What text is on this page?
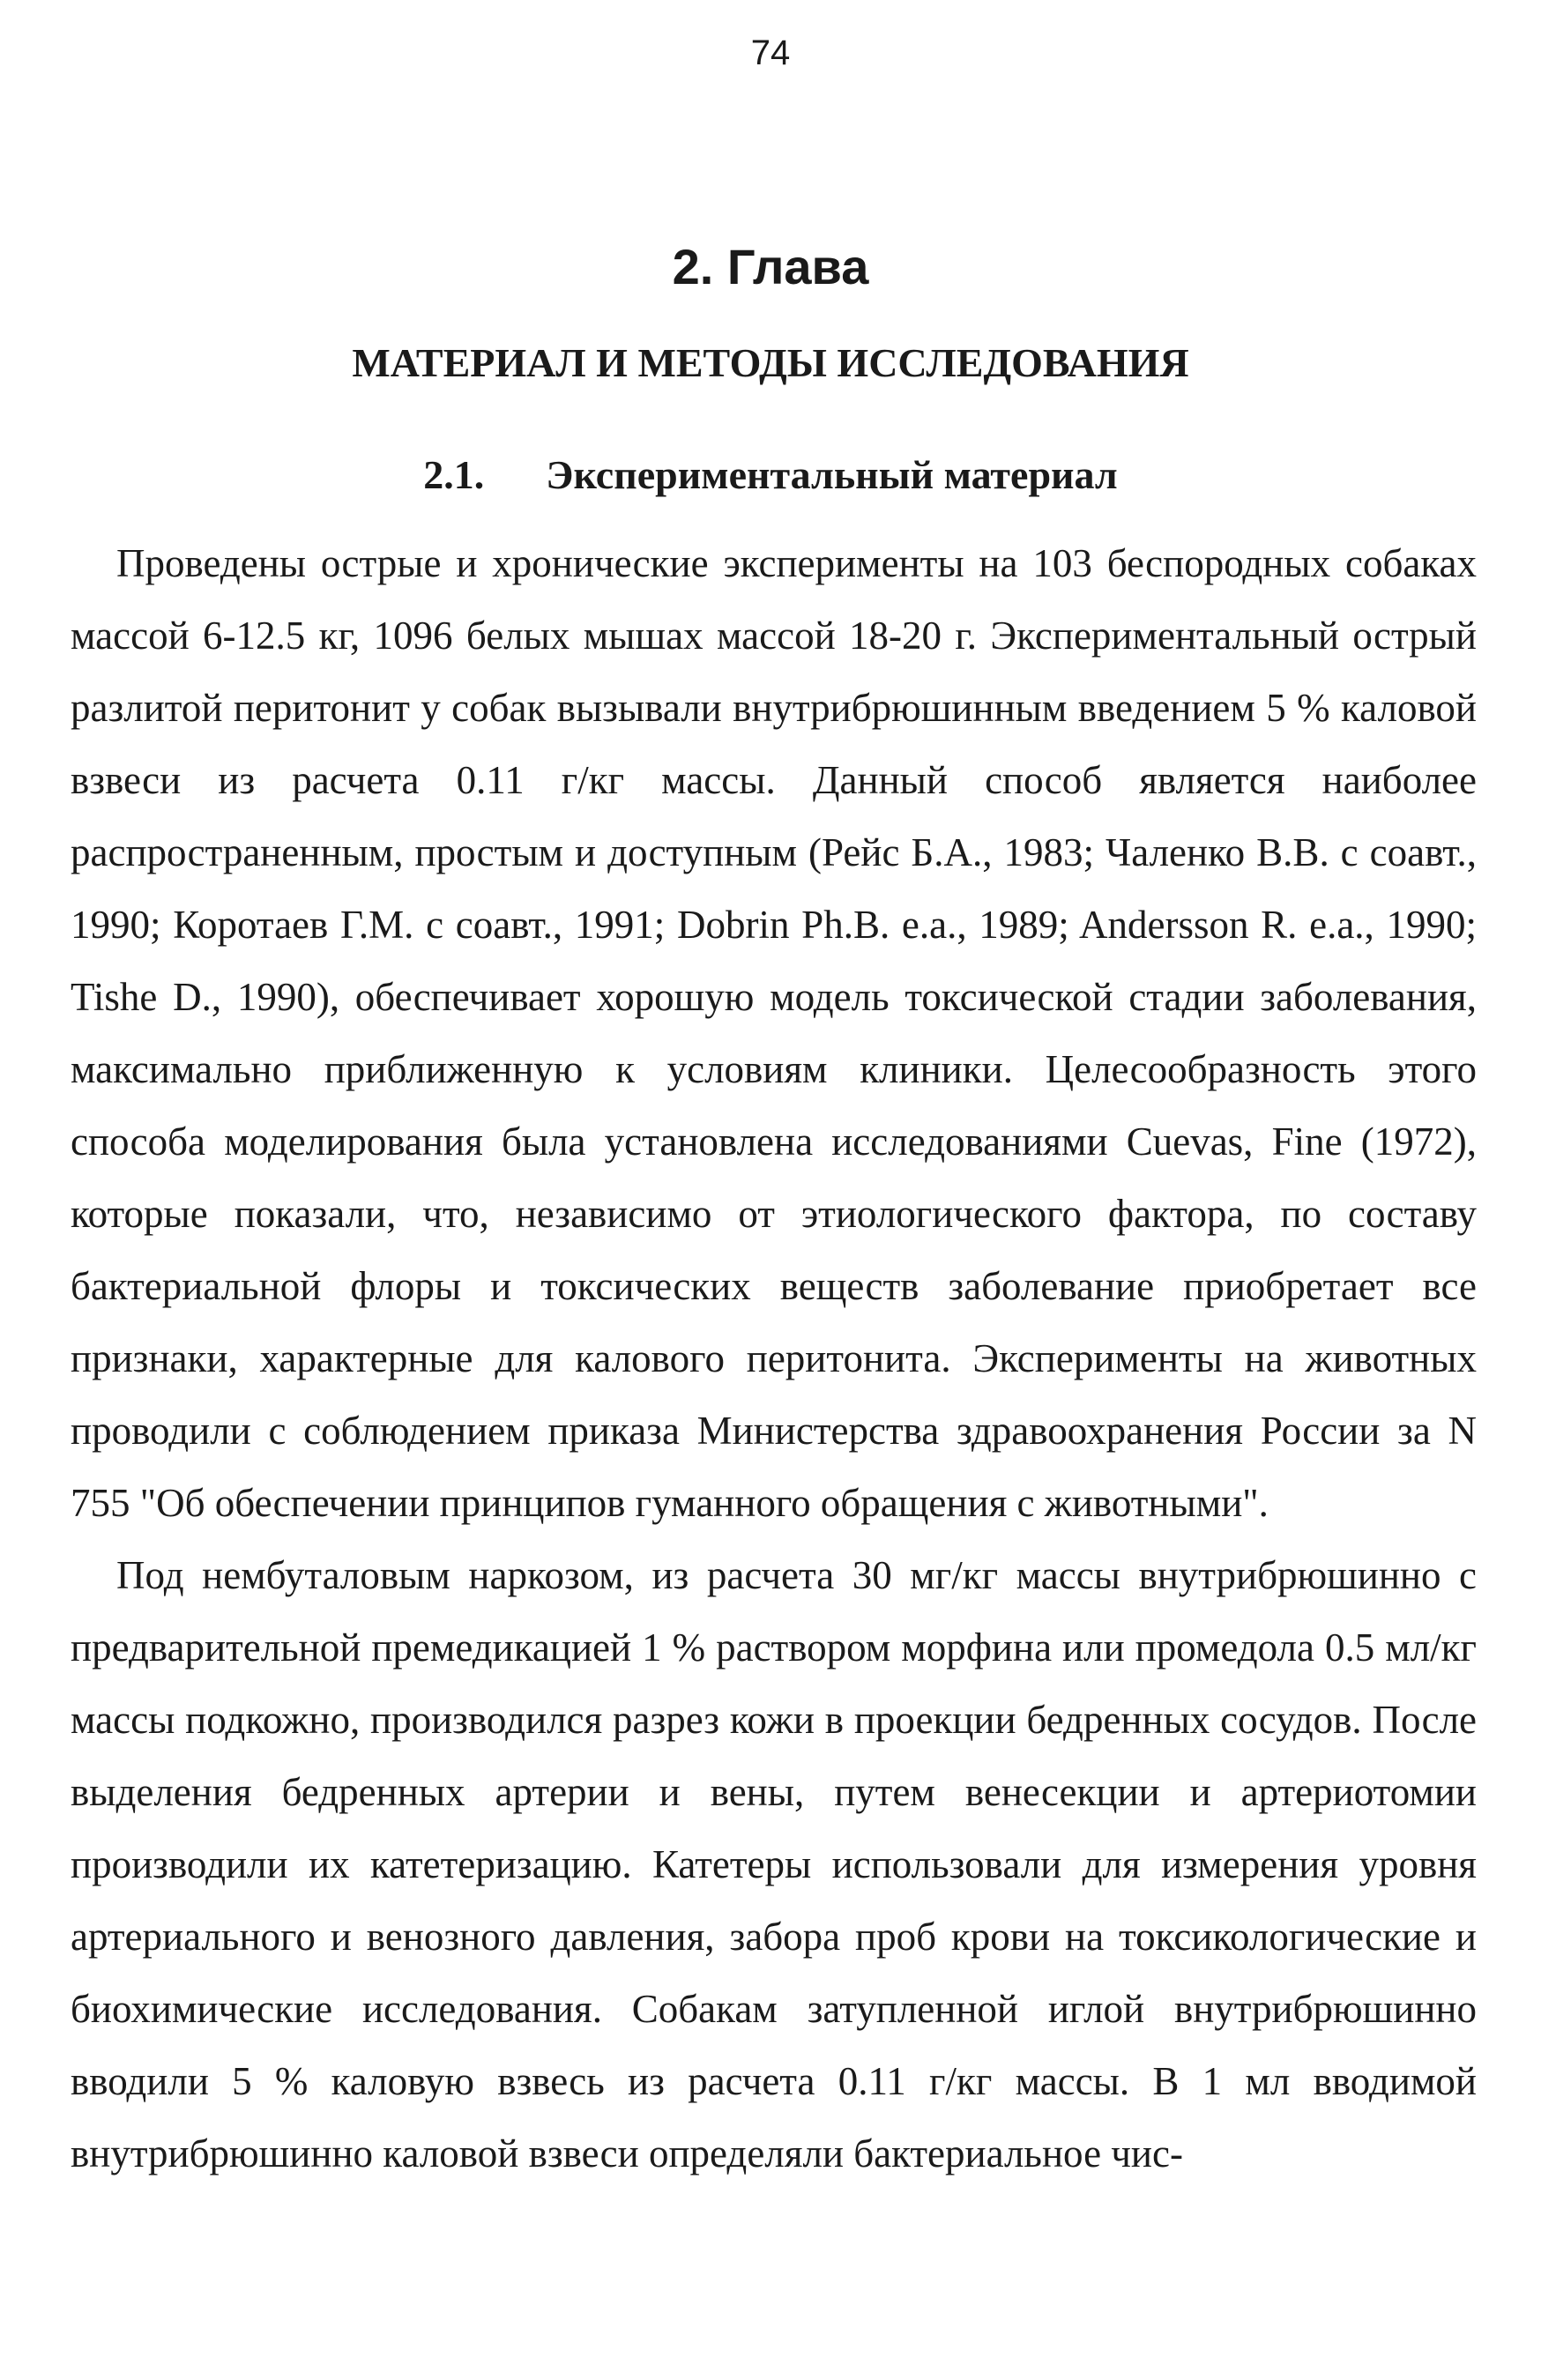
74
2. Глава
МАТЕРИАЛ И МЕТОДЫ ИССЛЕДОВАНИЯ
2.1. Экспериментальный материал

Проведены острые и хронические эксперименты на 103 беспородных собаках массой 6-12.5 кг, 1096 белых мышах массой 18-20 г. Экспериментальный острый разлитой перитонит у собак вызывали внутрибрюшинным введением 5 % каловой взвеси из расчета 0.11 г/кг массы. Данный способ является наиболее распространенным, простым и доступным (Рейс Б.А., 1983; Чаленко В.В. с соавт., 1990; Коротаев Г.М. с соавт., 1991; Dobrin Ph.B. e.a., 1989; Andersson R. e.a., 1990; Tishe D., 1990), обеспечивает хорошую модель токсической стадии заболевания, максимально приближенную к условиям клиники. Целесообразность этого способа моделирования была установлена исследованиями Cuevas, Fine (1972), которые показали, что, независимо от этиологического фактора, по составу бактериальной флоры и токсических веществ заболевание приобретает все признаки, характерные для калового перитонита. Эксперименты на животных проводили с соблюдением приказа Министерства здравоохранения России за N 755 "Об обеспечении принципов гуманного обращения с животными".

Под нембуталовым наркозом, из расчета 30 мг/кг массы внутрибрюшинно с предварительной премедикацией 1 % раствором морфина или промедола 0.5 мл/кг массы подкожно, производился разрез кожи в проекции бедренных сосудов. После выделения бедренных артерии и вены, путем венесекции и артериотомии производили их катетеризацию. Катетеры использовали для измерения уровня артериального и венозного давления, забора проб крови на токсикологические и биохимические исследования. Собакам затупленной иглой внутрибрюшинно вводили 5 % каловую взвесь из расчета 0.11 г/кг массы. В 1 мл вводимой внутрибрюшинно каловой взвеси определяли бактериальное чис-
